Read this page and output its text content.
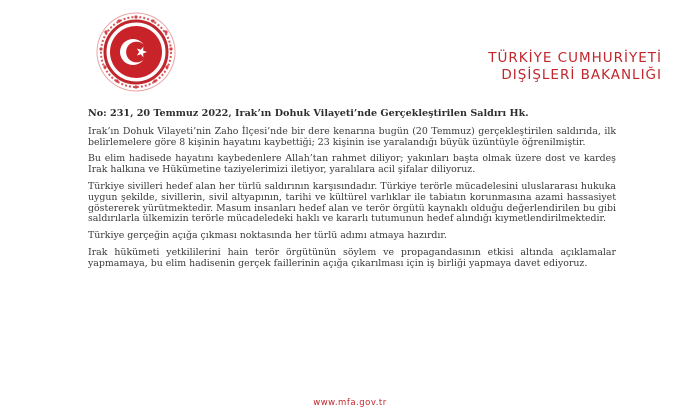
TÜRKİYE CUMHURİYETİ
DIŞİŞLERİ BAKANLIĞI

No: 231, 20 Temmuz 2022, Irak’ın Dohuk Vilayeti’nde Gerçekleştirilen Saldırı Hk.

Irak’ın Dohuk Vilayeti’nin Zaho İlçesi’nde bir dere kenarına bugün (20 Temmuz) gerçekleştirilen saldırıda, ilk belirlemelere göre 8 kişinin hayatını kaybettiği; 23 kişinin ise yaralandığı büyük üzüntüyle öğrenilmiştir.

Bu elim hadisede hayatını kaybedenlere Allah’tan rahmet diliyor; yakınları başta olmak üzere dost ve kardeş Irak halkına ve Hükümetine taziyelerimizi iletiyor, yaralılara acil şifalar diliyoruz.

Türkiye sivilleri hedef alan her türlü saldırının karşısındadır. Türkiye terörle mücadelesini uluslararası hukuka uygun şekilde, sivillerin, sivil altyapının, tarihi ve kültürel varlıklar ile tabiatın korunmasına azami hassasiyet göstererek yürütmektedir. Masum insanları hedef alan ve terör örgütü kaynaklı olduğu değerlendirilen bu gibi saldırılarla ülkemizin terörle mücadeledeki haklı ve kararlı tutumunun hedef alındığı kıymetlendirilmektedir.

Türkiye gerçeğin açığa çıkması noktasında her türlü adımı atmaya hazırdır.

Irak hükümeti yetkililerini hain terör örgütünün söylem ve propagandasının etkisi altında açıklamalar yapmamaya, bu elim hadisenin gerçek faillerinin açığa çıkarılması için iş birliği yapmaya davet ediyoruz.

www.mfa.gov.tr
